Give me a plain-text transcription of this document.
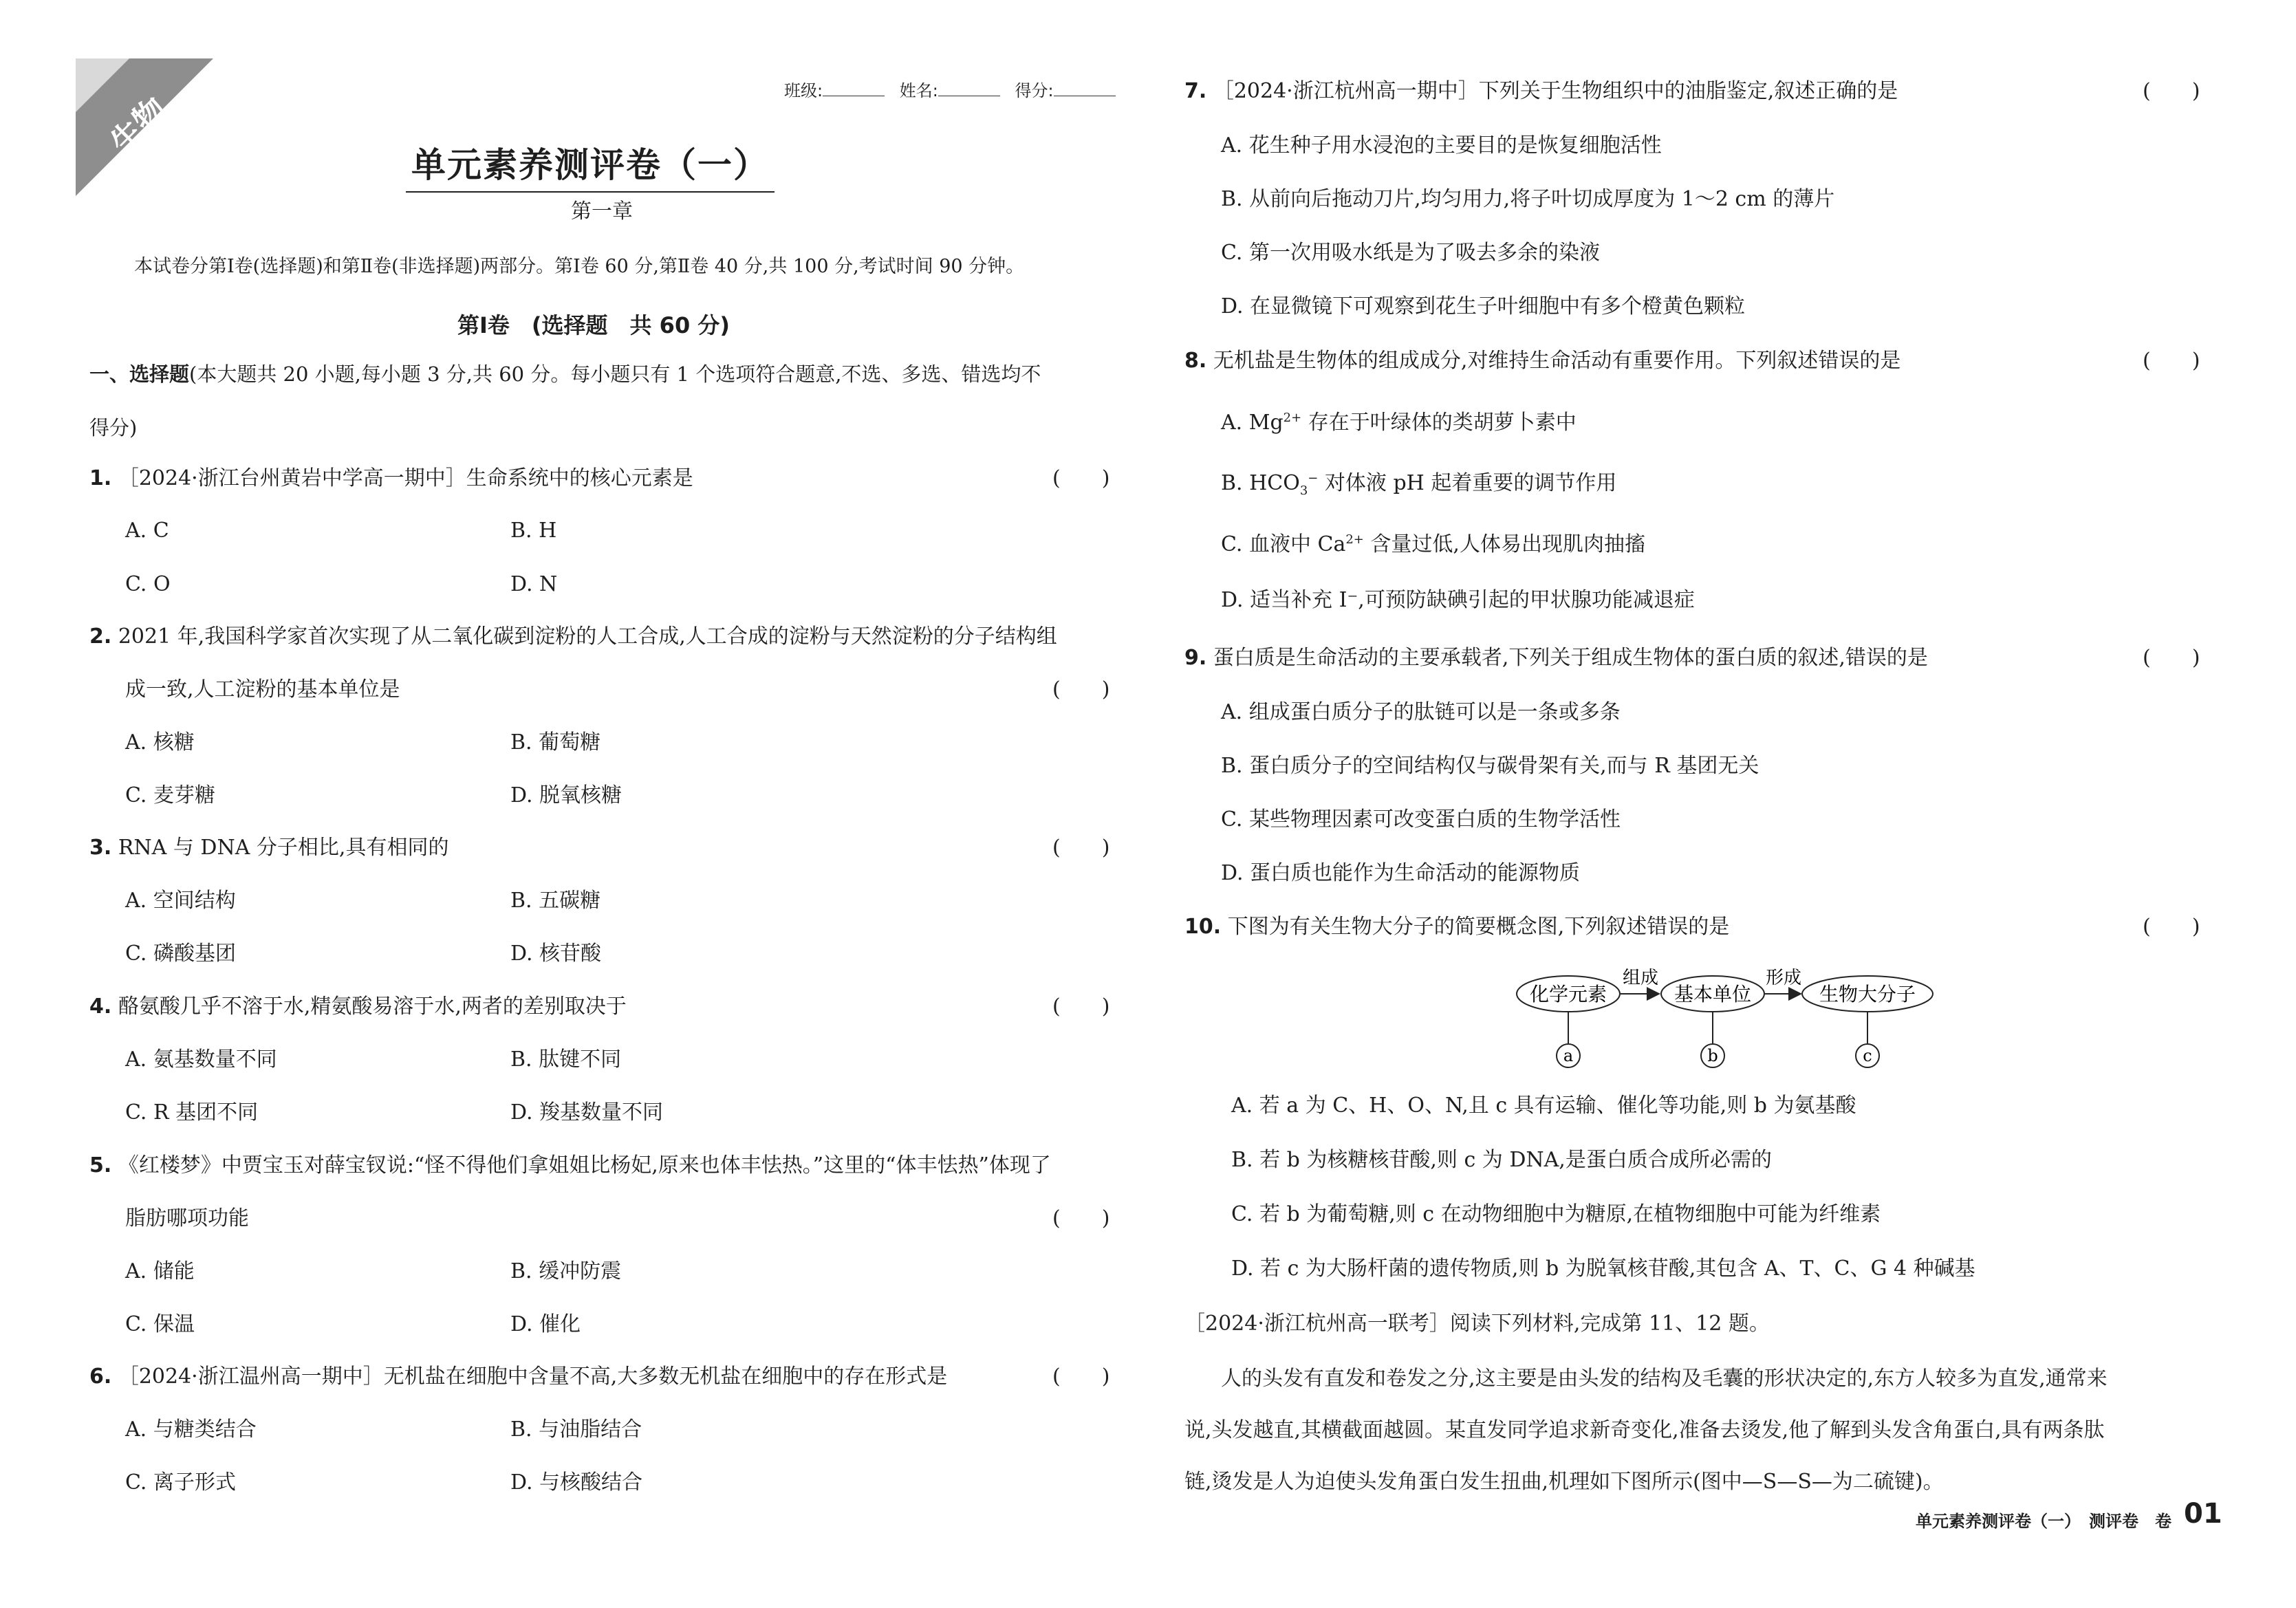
生物	班级:	姓名:	得分:
单元素养测评卷（一）
第一章
本试卷分第Ⅰ卷(选择题)和第Ⅱ卷(非选择题)两部分。第Ⅰ卷 60 分,第Ⅱ卷 40 分,共 100 分,考试时间 90 分钟。
第Ⅰ卷　(选择题　共 60 分)
一、选择题(本大题共 20 小题,每小题 3 分,共 60 分。每小题只有 1 个选项符合题意,不选、多选、错选均不
得分)
1. ［2024·浙江台州黄岩中学高一期中］生命系统中的核心元素是	(　　)
A. C	B. H
C. O	D. N
2. 2021 年,我国科学家首次实现了从二氧化碳到淀粉的人工合成,人工合成的淀粉与天然淀粉的分子结构组
成一致,人工淀粉的基本单位是	(　　)
A. 核糖	B. 葡萄糖
C. 麦芽糖	D. 脱氧核糖
3. RNA 与 DNA 分子相比,具有相同的	(　　)
A. 空间结构	B. 五碳糖
C. 磷酸基团	D. 核苷酸
4. 酪氨酸几乎不溶于水,精氨酸易溶于水,两者的差别取决于	(　　)
A. 氨基数量不同	B. 肽键不同
C. R 基团不同	D. 羧基数量不同
5. 《红楼梦》中贾宝玉对薛宝钗说:“怪不得他们拿姐姐比杨妃,原来也体丰怯热。”这里的“体丰怯热”体现了
脂肪哪项功能	(　　)
A. 储能	B. 缓冲防震
C. 保温	D. 催化
6. ［2024·浙江温州高一期中］无机盐在细胞中含量不高,大多数无机盐在细胞中的存在形式是	(　　)
A. 与糖类结合	B. 与油脂结合
C. 离子形式	D. 与核酸结合
7. ［2024·浙江杭州高一期中］下列关于生物组织中的油脂鉴定,叙述正确的是	(　　)
A. 花生种子用水浸泡的主要目的是恢复细胞活性
B. 从前向后拖动刀片,均匀用力,将子叶切成厚度为 1～2 cm 的薄片
C. 第一次用吸水纸是为了吸去多余的染液
D. 在显微镜下可观察到花生子叶细胞中有多个橙黄色颗粒
8. 无机盐是生物体的组成成分,对维持生命活动有重要作用。下列叙述错误的是	(　　)
A. $Mg^{2+}$ 存在于叶绿体的类胡萝卜素中
B. $HCO_3^-$ 对体液 pH 起着重要的调节作用
C. 血液中 $Ca^{2+}$ 含量过低,人体易出现肌肉抽搐
D. 适当补充 I⁻,可预防缺碘引起的甲状腺功能减退症
9. 蛋白质是生命活动的主要承载者,下列关于组成生物体的蛋白质的叙述,错误的是	(　　)
A. 组成蛋白质分子的肽链可以是一条或多条
B. 蛋白质分子的空间结构仅与碳骨架有关,而与 R 基团无关
C. 某些物理因素可改变蛋白质的生物学活性
D. 蛋白质也能作为生命活动的能源物质
10. 下图为有关生物大分子的简要概念图,下列叙述错误的是	(　　)
化学元素	基本单位	生物大分子
组成	形成
a	b	c
A. 若 a 为 C、H、O、N,且 c 具有运输、催化等功能,则 b 为氨基酸
B. 若 b 为核糖核苷酸,则 c 为 DNA,是蛋白质合成所必需的
C. 若 b 为葡萄糖,则 c 在动物细胞中为糖原,在植物细胞中可能为纤维素
D. 若 c 为大肠杆菌的遗传物质,则 b 为脱氧核苷酸,其包含 A、T、C、G 4 种碱基
［2024·浙江杭州高一联考］阅读下列材料,完成第 11、12 题。
人的头发有直发和卷发之分,这主要是由头发的结构及毛囊的形状决定的,东方人较多为直发,通常来
说,头发越直,其横截面越圆。某直发同学追求新奇变化,准备去烫发,他了解到头发含角蛋白,具有两条肽
链,烫发是人为迫使头发角蛋白发生扭曲,机理如下图所示(图中—S—S—为二硫键)。
单元素养测评卷（一）　测评卷　卷 01
